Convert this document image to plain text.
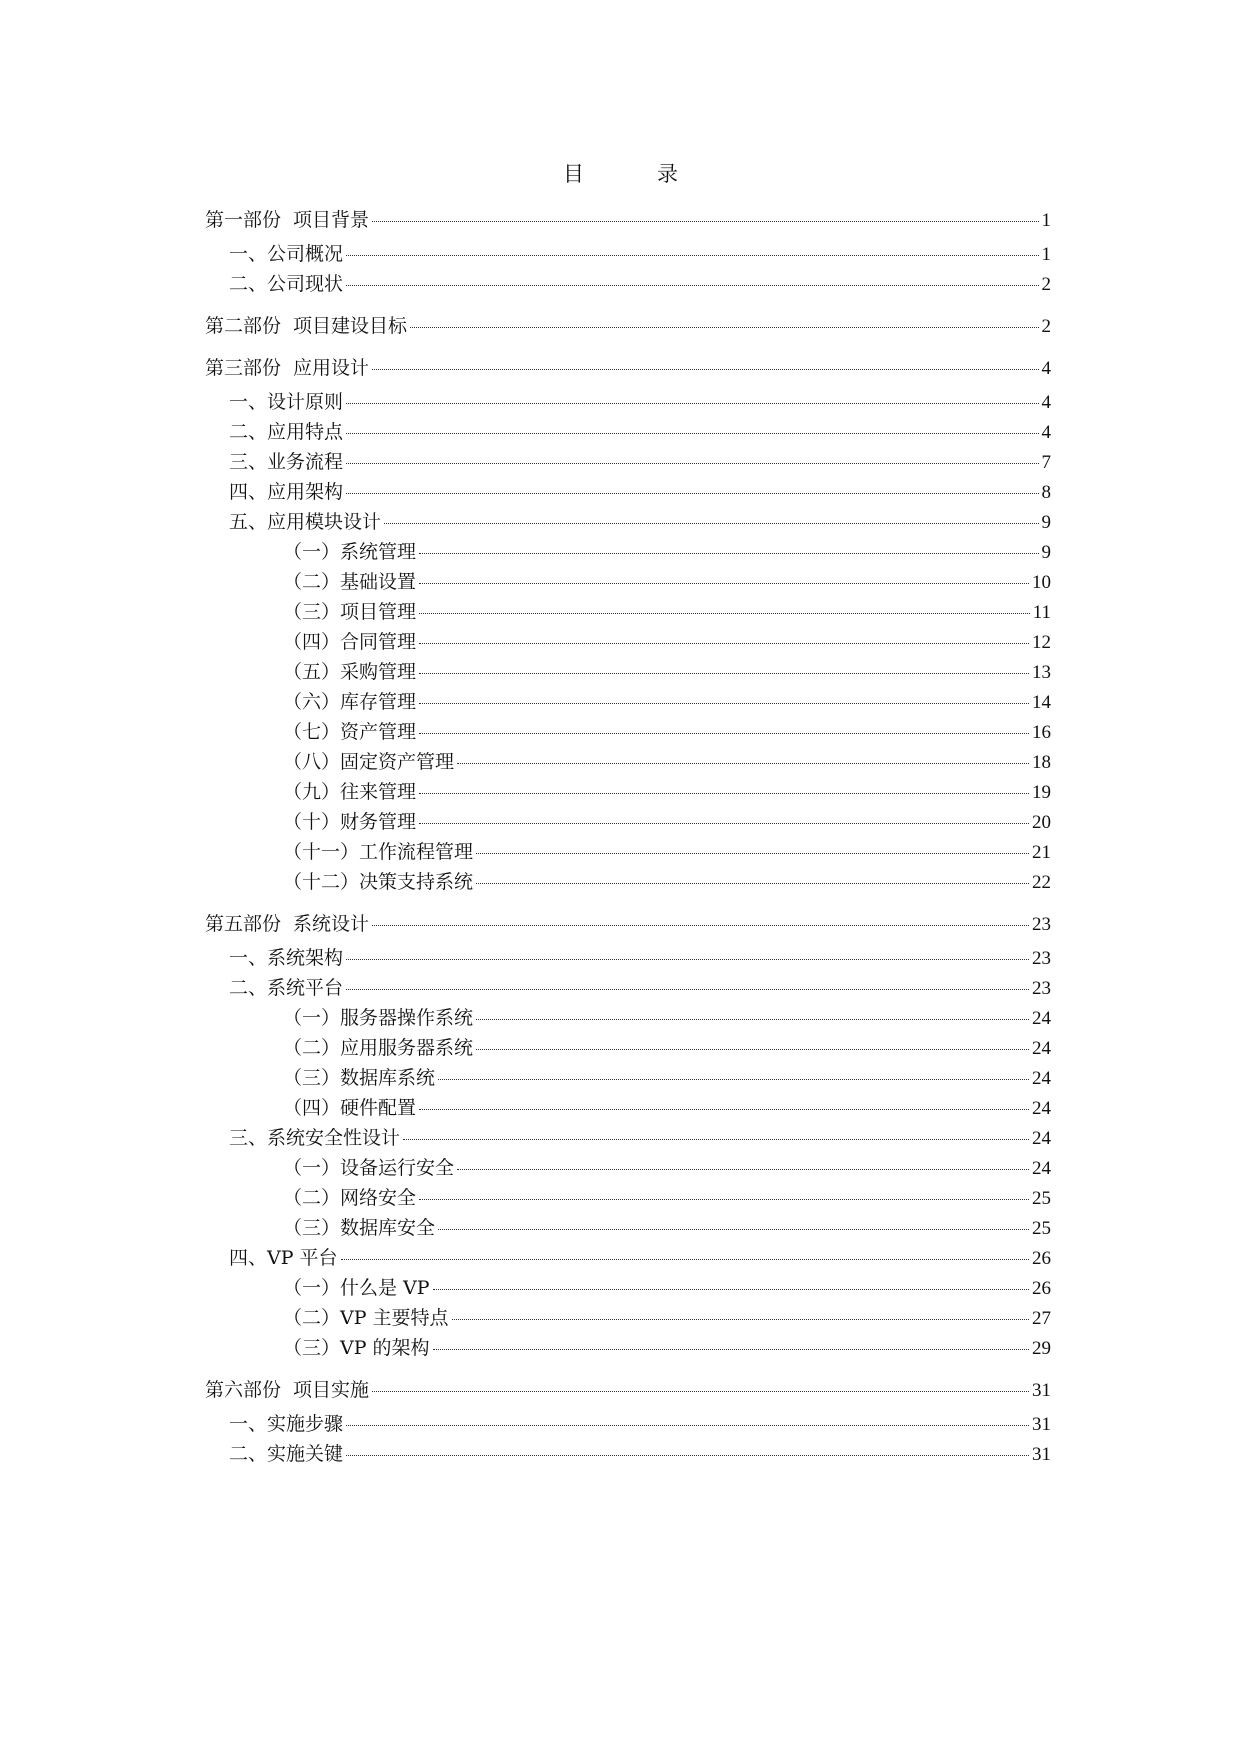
目　录
第一部份 项目背景	1
一、公司概况	1
二、公司现状	2
第二部份 项目建设目标	2
第三部份 应用设计	4
一、设计原则	4
二、应用特点	4
三、业务流程	7
四、应用架构	8
五、应用模块设计	9
（一）系统管理	9
（二）基础设置	10
（三）项目管理	11
（四）合同管理	12
（五）采购管理	13
（六）库存管理	14
（七）资产管理	16
（八）固定资产管理	18
（九）往来管理	19
（十）财务管理	20
（十一）工作流程管理	21
（十二）决策支持系统	22
第五部份 系统设计	23
一、系统架构	23
二、系统平台	23
（一）服务器操作系统	24
（二）应用服务器系统	24
（三）数据库系统	24
（四）硬件配置	24
三、系统安全性设计	24
（一）设备运行安全	24
（二）网络安全	25
（三）数据库安全	25
四、VP 平台	26
（一）什么是 VP	26
（二）VP 主要特点	27
（三）VP 的架构	29
第六部份 项目实施	31
一、实施步骤	31
二、实施关键	31
